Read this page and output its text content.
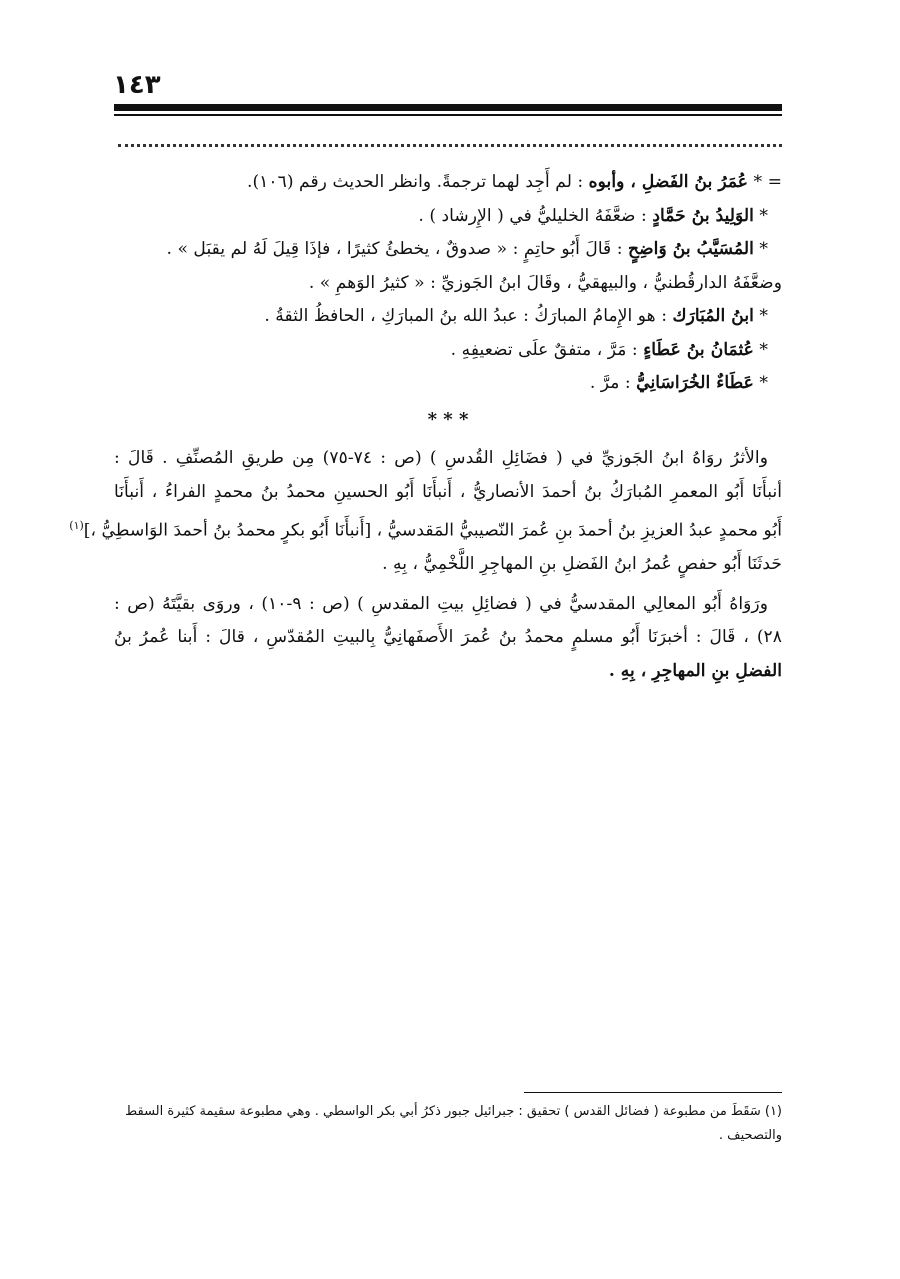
١٤٣
= * عُمَرُ بنُ الفَضلِ ، وأبوه : لم أَجِد لهما ترجمةً. وانظر الحديث رقم (١٠٦).
* الوَلِيدُ بنُ حَمَّادٍ : ضعَّفَهُ الخليليُّ في ( الإِرشاد ) .
* المُسَيَّبُ بنُ وَاضِحٍ : قَالَ أَبُو حاتِمٍ : « صدوقٌ ، يخطئُ كثيرًا ، فإذَا قِيلَ لَهُ لم يقبَل » .
وضعَّفَهُ الدارقُطنيُّ ، والبيهقيُّ ، وقَالَ ابنُ الجَوزيِّ : « كثيرُ الوَهمِ » .
* ابنُ المُبَارَك : هو الإِمامُ المبارَكُ : عبدُ الله بنُ المبارَكِ ، الحافظُ الثقةُ .
* عُثمَانُ بنُ عَطَاءٍ : مَرَّ ، متفقٌ علَى تضعيفِهِ .
* عَطَاءٌ الخُرَاسَانِيُّ : مرَّ .
* * *
والأثرُ روَاهُ ابنُ الجَوزيِّ في ( فضَائِلِ القُدسِ ) (ص : ٧٤-٧٥) مِن طريقِ المُصنِّفِ . قَالَ :
أنبأَنَا أَبُو المعمرِ المُبارَكُ بنُ أحمدَ الأنصاريُّ ، أَنبأَنَا أَبُو الحسينِ محمدُ بنُ محمدٍ الفراءُ ، أَنبأَنَا
أَبُو محمدٍ عبدُ العزيزِ بنُ أحمدَ بنِ عُمرَ النّصيبيُّ المَقدسيُّ ، [أَنبأَنَا أَبُو بكرٍ محمدُ بنُ أحمدَ الوَاسطِيُّ ،]$^{(١)}$
حَدثَنَا أَبُو حفصٍ عُمرُ ابنُ الفَضلِ بنِ المهاجِرِ اللَّخْمِيُّ ، بِهِ .
ورَوَاهُ أَبُو المعالِي المقدسيُّ في ( فضائِلِ بيتِ المقدسِ ) (ص : ٩-١٠) ، وروَى بقيَّتَهُ (ص :
٢٨) ، قَالَ : أخبرَنَا أَبُو مسلمٍ محمدُ بنُ عُمرَ الأَصفَهانِيُّ بِالبيتِ المُقدّسِ ، قالَ : أَبنا عُمرُ بنُ
الفضلِ بنِ المهاجِرِ ، بِهِ .
(١) سَقَطَ من مطبوعة ( فضائل القدس ) تحقيق : جبرائيل جبور ذكرُ أبي بكر الواسطي . وهي مطبوعة سقيمة كثيرة السقط
والتصحيف .
